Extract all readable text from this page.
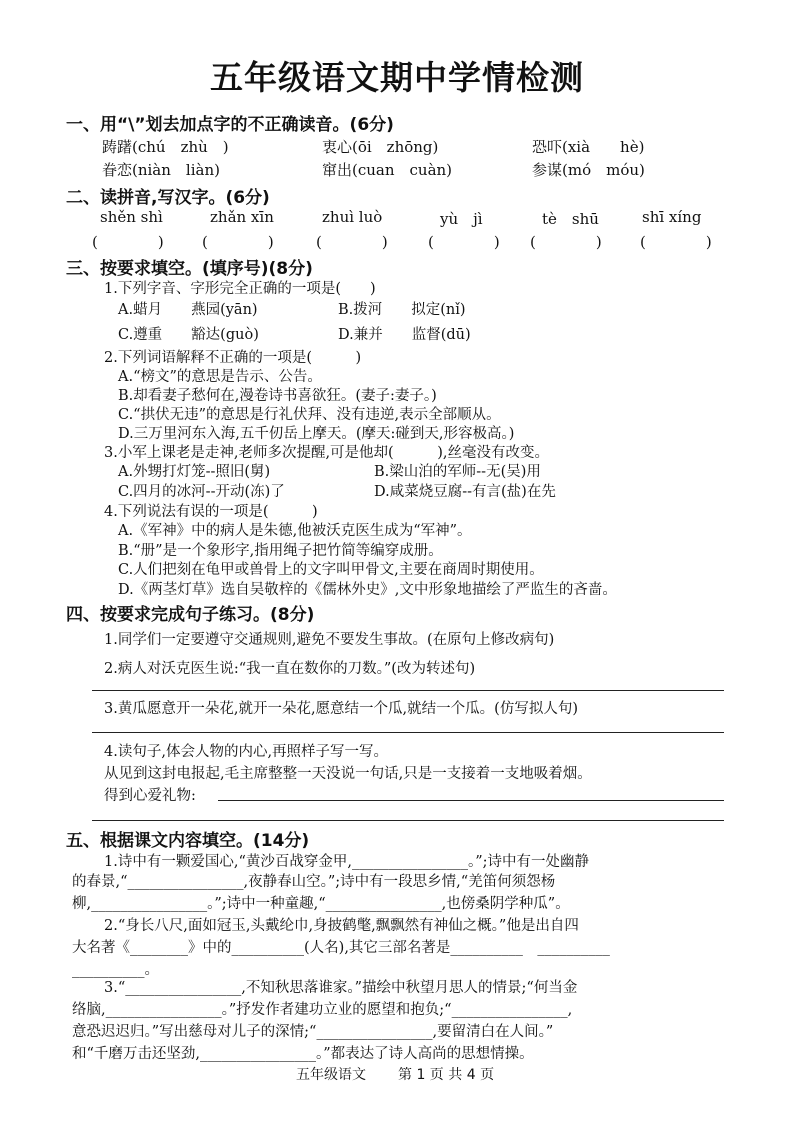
五年级语文期中学情检测
一、用“\”划去加点字的不正确读音。(6分)
踌躇(chú　zhù　)	衷心(ōi　zhōng)	恐吓(xià　　hè)
眷恋(niàn　liàn)	窜出(cuan　cuàn)	参谋(mó　móu)
二、读拼音,写汉字。(6分)
shěn shì	zhǎn xīn	zhuì luò	yù　jì	tè　shū	shī xíng
(　　　　)	(　　　　)	(　　　　)	(　　　　) (　　　　)	(　　　　)
三、按要求填空。(填序号)(8分)
1.下列字音、字形完全正确的一项是(　　)
A.蜡月　　燕园(yān)	B.拨河　　拟定(nǐ)
C.遵重　　豁达(guò)	D.兼并　　监督(dū)
2.下列词语解释不正确的一项是(　　　)
A.“榜文”的意思是告示、公告。
B.却看妻子愁何在,漫卷诗书喜欲狂。(妻子:妻子。)
C.“拱伏无违”的意思是行礼伏拜、没有违逆,表示全部顺从。
D.三万里河东入海,五千仞岳上摩天。(摩天:碰到天,形容极高。)
3.小军上课老是走神,老师多次提醒,可是他却(　　　),丝毫没有改变。
A.外甥打灯笼--照旧(舅)	B.梁山泊的军师--无(吴)用
C.四月的冰河--开动(冻)了	D.咸菜烧豆腐--有言(盐)在先
4.下列说法有误的一项是(　　　)
A.《军神》中的病人是朱德,他被沃克医生成为“军神”。
B.“册”是一个象形字,指用绳子把竹简等编穿成册。
C.人们把刻在龟甲或兽骨上的文字叫甲骨文,主要在商周时期使用。
D.《两茎灯草》选自吴敬梓的《儒林外史》,文中形象地描绘了严监生的吝啬。
四、按要求完成句子练习。(8分)
1.同学们一定要遵守交通规则,避免不要发生事故。(在原句上修改病句)
2.病人对沃克医生说:“我一直在数你的刀数。”(改为转述句)
3.黄瓜愿意开一朵花,就开一朵花,愿意结一个瓜,就结一个瓜。(仿写拟人句)
4.读句子,体会人物的内心,再照样子写一写。
从见到这封电报起,毛主席整整一天没说一句话,只是一支接着一支地吸着烟。
得到心爱礼物:
五、根据课文内容填空。(14分)
1.诗中有一颗爱国心,“黄沙百战穿金甲,________________。”;诗中有一处幽静
的春景,“________________,夜静春山空。”;诗中有一段思乡情,“羌笛何须怨杨
柳,________________。”;诗中一种童趣,“________________,也傍桑阴学种瓜”。
2.“身长八尺,面如冠玉,头戴纶巾,身披鹤氅,飘飘然有神仙之概。”他是出自四
大名著《________》中的__________(人名),其它三部名著是__________　__________
__________。
3.“________________,不知秋思落谁家。”描绘中秋望月思人的情景;“何当金
络脑,________________。”抒发作者建功立业的愿望和抱负;“________________,
意恐迟迟归。”写出慈母对儿子的深情;“________________,要留清白在人间。”
和“千磨万击还坚劲,________________。”都表达了诗人高尚的思想情操。
五年级语文 第 1 页 共 4 页
